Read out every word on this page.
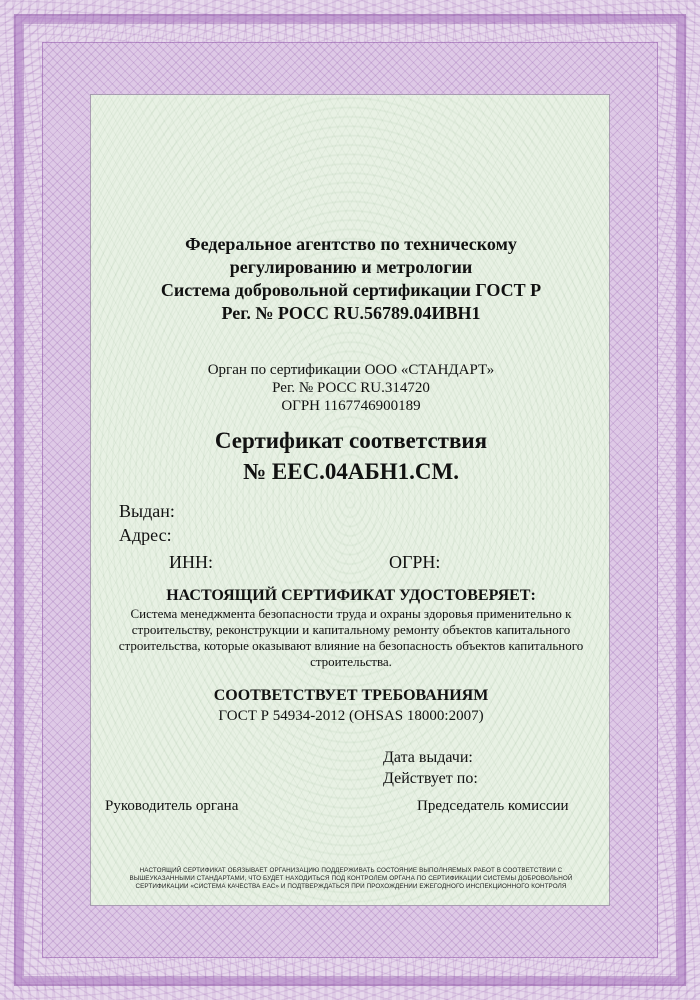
Федеральное агентство по техническому
регулированию и метрологии
Система добровольной сертификации ГОСТ Р
Рег. № РОСС RU.56789.04ИВН1
Орган по сертификации ООО «СТАНДАРТ»
Рег. № РОСС RU.314720
ОГРН 1167746900189
Сертификат соответствия
№ ЕЕС.04АБН1.СМ.
Выдан:
Адрес:
ИНН:	ОГРН:
НАСТОЯЩИЙ СЕРТИФИКАТ УДОСТОВЕРЯЕТ:
Система менеджмента безопасности труда и охраны здоровья применительно к строительству, реконструкции и капитальному ремонту объектов капитального строительства, которые оказывают влияние на безопасность объектов капитального строительства.
СООТВЕТСТВУЕТ ТРЕБОВАНИЯМ
ГОСТ Р 54934-2012 (OHSAS 18000:2007)
Дата выдачи:
Действует по:
Руководитель органа	Председатель комиссии
НАСТОЯЩИЙ СЕРТИФИКАТ ОБЯЗЫВАЕТ ОРГАНИЗАЦИЮ ПОДДЕРЖИВАТЬ СОСТОЯНИЕ ВЫПОЛНЯЕМЫХ РАБОТ В СООТВЕТСТВИИ С ВЫШЕУКАЗАННЫМИ СТАНДАРТАМИ, ЧТО БУДЕТ НАХОДИТЬСЯ ПОД КОНТРОЛЕМ ОРГАНА ПО СЕРТИФИКАЦИИ СИСТЕМЫ ДОБРОВОЛЬНОЙ СЕРТИФИКАЦИИ «СИСТЕМА КАЧЕСТВА ЕАС» И ПОДТВЕРЖДАТЬСЯ ПРИ ПРОХОЖДЕНИИ ЕЖЕГОДНОГО ИНСПЕКЦИОННОГО КОНТРОЛЯ
